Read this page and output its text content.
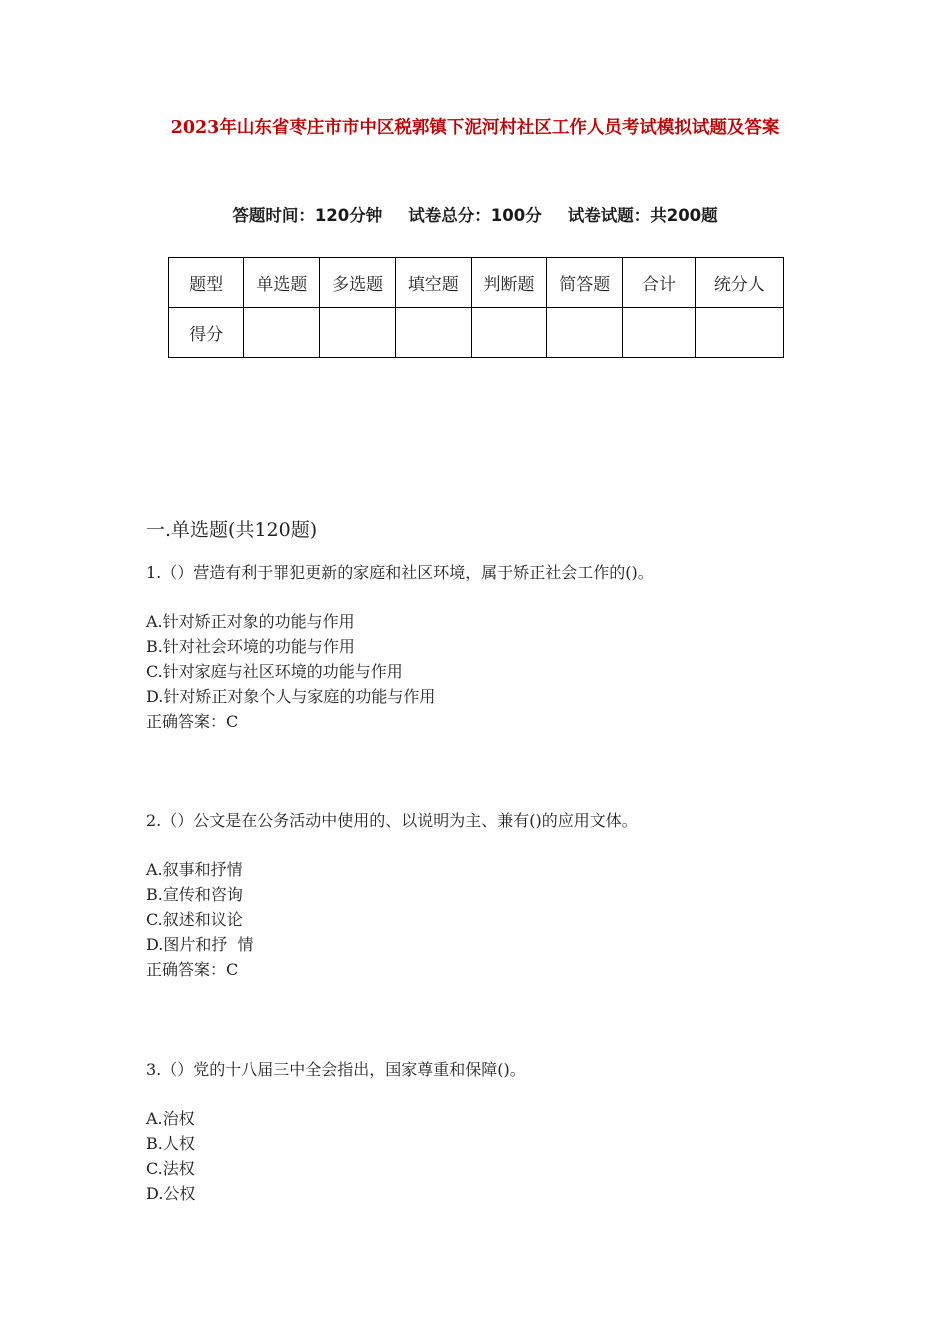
2023年山东省枣庄市市中区税郭镇下泥河村社区工作人员考试模拟试题及答案
答题时间：120分钟 试卷总分：100分 试卷试题：共200题
题型	单选题	多选题	填空题	判断题	简答题	合计	统分人
得分							
一.单选题(共120题)
1.（）营造有利于罪犯更新的家庭和社区环境，属于矫正社会工作的()。
A.针对矫正对象的功能与作用
B.针对社会环境的功能与作用
C.针对家庭与社区环境的功能与作用
D.针对矫正对象个人与家庭的功能与作用
正确答案：C
2.（）公文是在公务活动中使用的、以说明为主、兼有()的应用文体。
A.叙事和抒情
B.宣传和咨询
C.叙述和议论
D.图片和抒  情
正确答案：C
3.（）党的十八届三中全会指出，国家尊重和保障()。
A.治权
B.人权
C.法权
D.公权
